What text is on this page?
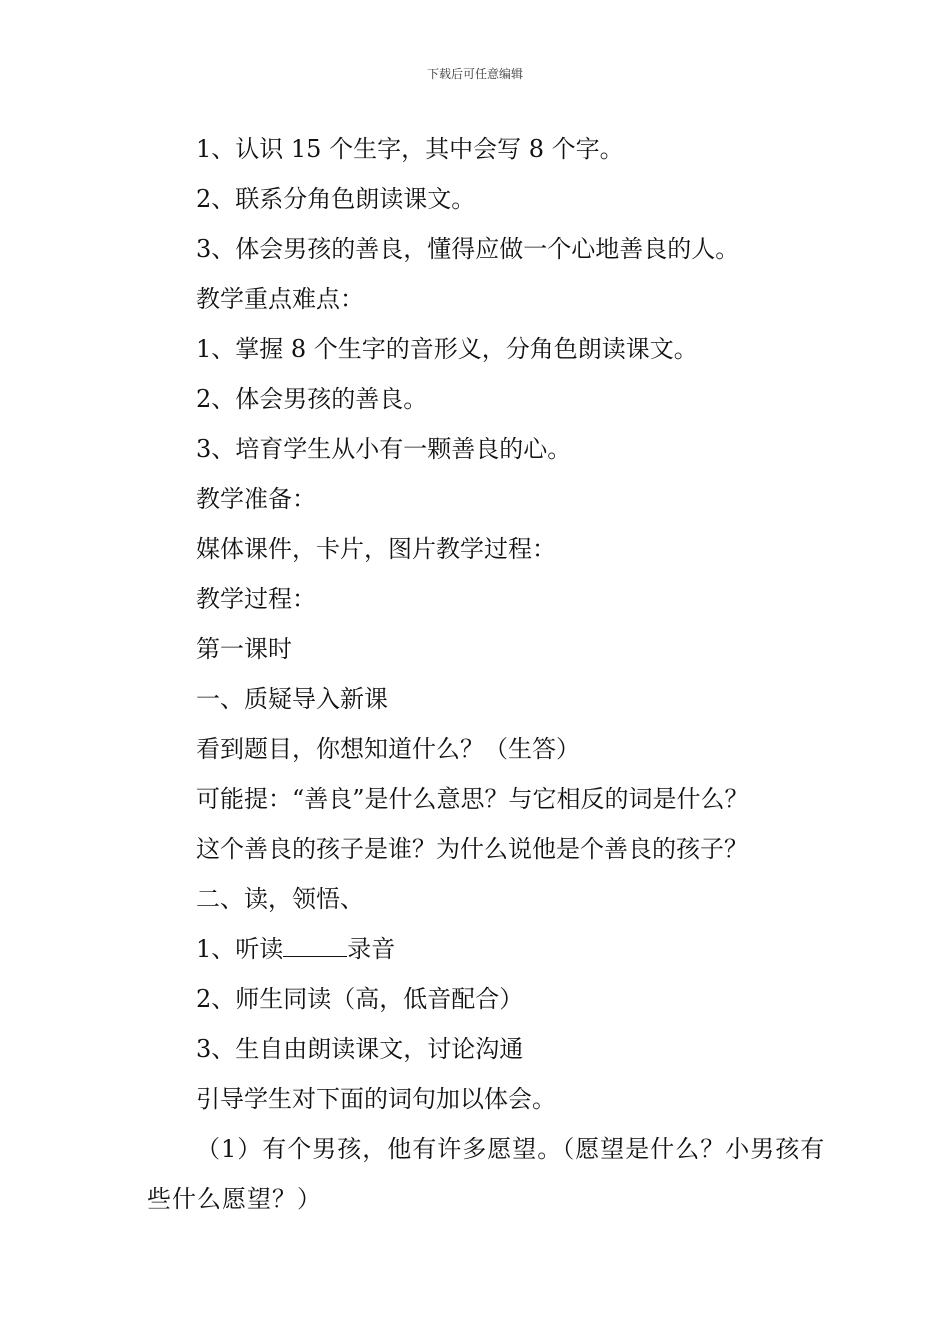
下载后可任意编辑
1、认识 15 个生字，其中会写 8 个字。
2、联系分角色朗读课文。
3、体会男孩的善良，懂得应做一个心地善良的人。
教学重点难点：
1、掌握 8 个生字的音形义，分角色朗读课文。
2、体会男孩的善良。
3、培育学生从小有一颗善良的心。
教学准备：
媒体课件，卡片，图片教学过程：
教学过程：
第一课时
一、质疑导入新课
看到题目，你想知道什么？（生答）
可能提：“善良”是什么意思？与它相反的词是什么？
这个善良的孩子是谁？为什么说他是个善良的孩子？
二、读，领悟、
1、听读	录音
2、师生同读（高，低音配合）
3、生自由朗读课文，讨论沟通
引导学生对下面的词句加以体会。
（1）有个男孩，他有许多愿望。（愿望是什么？小男孩有些什么愿望？）
